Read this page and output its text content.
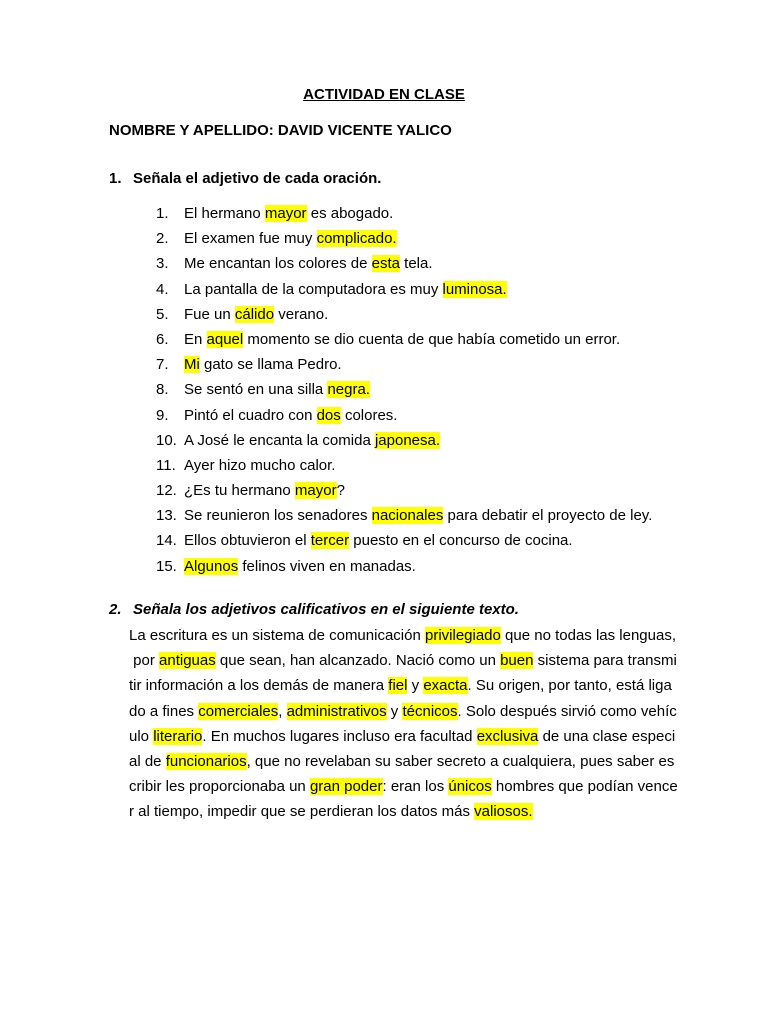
ACTIVIDAD EN CLASE
NOMBRE Y APELLIDO: DAVID VICENTE YALICO
1. Señala el adjetivo de cada oración.
1.	El hermano mayor es abogado.
2.	El examen fue muy complicado.
3.	Me encantan los colores de esta tela.
4.	La pantalla de la computadora es muy luminosa.
5.	Fue un cálido verano.
6.	En aquel momento se dio cuenta de que había cometido un error.
7.	Mi gato se llama Pedro.
8.	Se sentó en una silla negra.
9.	Pintó el cuadro con dos colores.
10. A José le encanta la comida japonesa.
11. Ayer hizo mucho calor.
12. ¿Es tu hermano mayor?
13. Se reunieron los senadores nacionales para debatir el proyecto de ley.
14. Ellos obtuvieron el tercer puesto en el concurso de cocina.
15. Algunos felinos viven en manadas.
2. Señala los adjetivos calificativos en el siguiente texto.
La escritura es un sistema de comunicación privilegiado que no todas las lenguas,
por antiguas que sean, han alcanzado. Nació como un buen sistema para transmi
tir información a los demás de manera fiel y exacta. Su origen, por tanto, está liga
do a fines comerciales, administrativos y técnicos. Solo después sirvió como vehíc
ulo literario. En muchos lugares incluso era facultad exclusiva de una clase especi
al de funcionarios, que no revelaban su saber secreto a cualquiera, pues saber es
cribir les proporcionaba un gran poder: eran los únicos hombres que podían vence
r al tiempo, impedir que se perdieran los datos más valiosos.
